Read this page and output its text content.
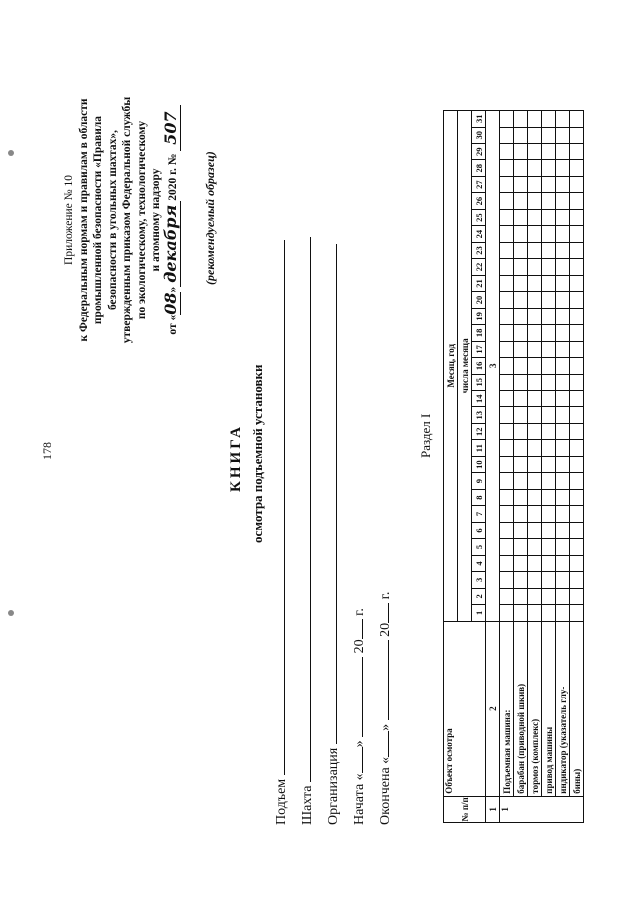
178
Приложение № 10 к Федеральным нормам и правилам в области промышленной безопасности «Правила безопасности в угольных шахтах», утвержденным приказом Федеральной службы по экологическому, технологическому и атомному надзору
от «08»декабря2020 г. № 507
(рекомендуемый образец)
КНИГА осмотра подъемной установки
Подъем Шахта Организация Начата «»  20 г.
Окончена «»  20 г.
Раздел I
№ п/п	Объект осмотра	Месяц, год																														
		числа месяца																														
		1	2	3	4	5	6	7	8	9	10	11	12	13	14	15	16	17	18	19	20	21	22	23	24	25	26	27	28	29	30	31
1	2	3																														
1	Подъемная машина:																															
	барабан (приводной шкив)																															
	тормоз (комплекс)																															
	привод машины																															
	индикатор (указатель глу-																															
	бины)																															
